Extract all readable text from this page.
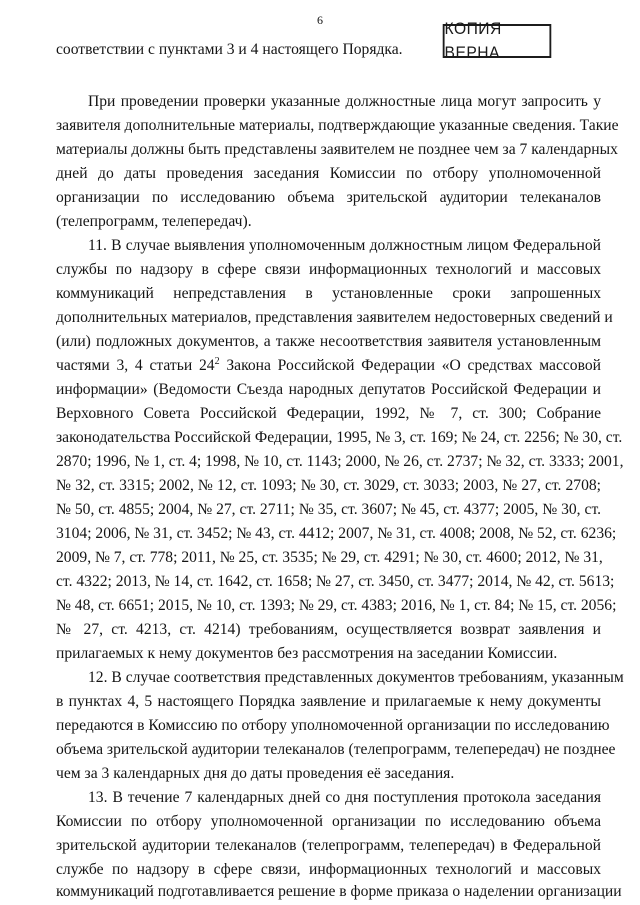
6	КОПИЯ ВЕРНА
соответствии с пунктами 3 и 4 настоящего Порядка.
При проведении проверки указанные должностные лица могут запросить у
заявителя дополнительные материалы, подтверждающие указанные сведения. Такие
материалы должны быть представлены заявителем не позднее чем за 7 календарных
дней до даты проведения заседания Комиссии по отбору уполномоченной
организации по исследованию объема зрительской аудитории телеканалов
(телепрограмм, телепередач).
11. В случае выявления уполномоченным должностным лицом Федеральной
службы по надзору в сфере связи информационных технологий и массовых
коммуникаций непредставления в установленные сроки запрошенных
дополнительных материалов, представления заявителем недостоверных сведений и
(или) подложных документов, а также несоответствия заявителя установленным
частями 3, 4 статьи $24^2$ Закона Российской Федерации «О средствах массовой
информации» (Ведомости Съезда народных депутатов Российской Федерации и
Верховного Совета Российской Федерации, 1992, № 7, ст. 300; Собрание
законодательства Российской Федерации, 1995, № 3, ст. 169; № 24, ст. 2256; № 30, ст.
2870; 1996, № 1, ст. 4; 1998, № 10, ст. 1143; 2000, № 26, ст. 2737; № 32, ст. 3333; 2001,
№ 32, ст. 3315; 2002, № 12, ст. 1093; № 30, ст. 3029, ст. 3033; 2003, № 27, ст. 2708;
№ 50, ст. 4855; 2004, № 27, ст. 2711; № 35, ст. 3607; № 45, ст. 4377; 2005, № 30, ст.
3104; 2006, № 31, ст. 3452; № 43, ст. 4412; 2007, № 31, ст. 4008; 2008, № 52, ст. 6236;
2009, № 7, ст. 778; 2011, № 25, ст. 3535; № 29, ст. 4291; № 30, ст. 4600; 2012, № 31,
ст. 4322; 2013, № 14, ст. 1642, ст. 1658; № 27, ст. 3450, ст. 3477; 2014, № 42, ст. 5613;
№ 48, ст. 6651; 2015, № 10, ст. 1393; № 29, ст. 4383; 2016, № 1, ст. 84; № 15, ст. 2056;
№ 27, ст. 4213, ст. 4214) требованиям, осуществляется возврат заявления и
прилагаемых к нему документов без рассмотрения на заседании Комиссии.
12. В случае соответствия представленных документов требованиям, указанным
в пунктах 4, 5 настоящего Порядка заявление и прилагаемые к нему документы
передаются в Комиссию по отбору уполномоченной организации по исследованию
объема зрительской аудитории телеканалов (телепрограмм, телепередач) не позднее
чем за 3 календарных дня до даты проведения её заседания.
13. В течение 7 календарных дней со дня поступления протокола заседания
Комиссии по отбору уполномоченной организации по исследованию объема
зрительской аудитории телеканалов (телепрограмм, телепередач) в Федеральной
службе по надзору в сфере связи, информационных технологий и массовых
коммуникаций подготавливается решение в форме приказа о наделении организации
